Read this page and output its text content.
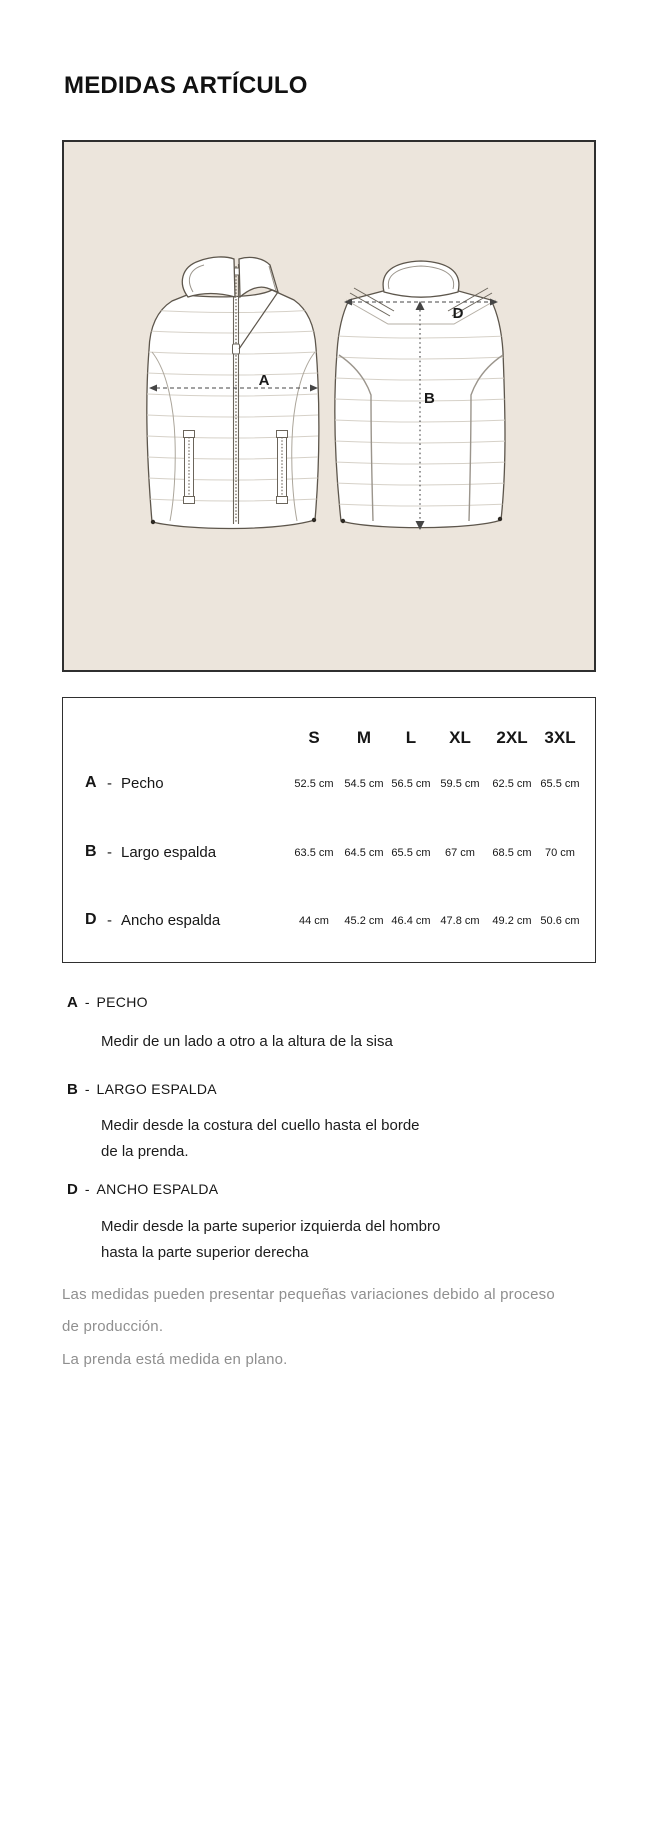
MEDIDAS ARTÍCULO
A
D
B
S M L XL 2XL 3XL
A - Pecho	52.5 cm 54.5 cm 56.5 cm 59.5 cm 62.5 cm 65.5 cm
B - Largo espalda	63.5 cm 64.5 cm 65.5 cm 67 cm 68.5 cm 70 cm
D - Ancho espalda	44 cm 45.2 cm 46.4 cm 47.8 cm 49.2 cm 50.6 cm
A - PECHO
Medir de un lado a otro a la altura de la sisa
B - LARGO ESPALDA
Medir desde la costura del cuello hasta el borde
de la prenda.
D - ANCHO ESPALDA
Medir desde la parte superior izquierda del hombro
hasta la parte superior derecha
Las medidas pueden presentar pequeñas variaciones debido al proceso
de producción.
La prenda está medida en plano.
